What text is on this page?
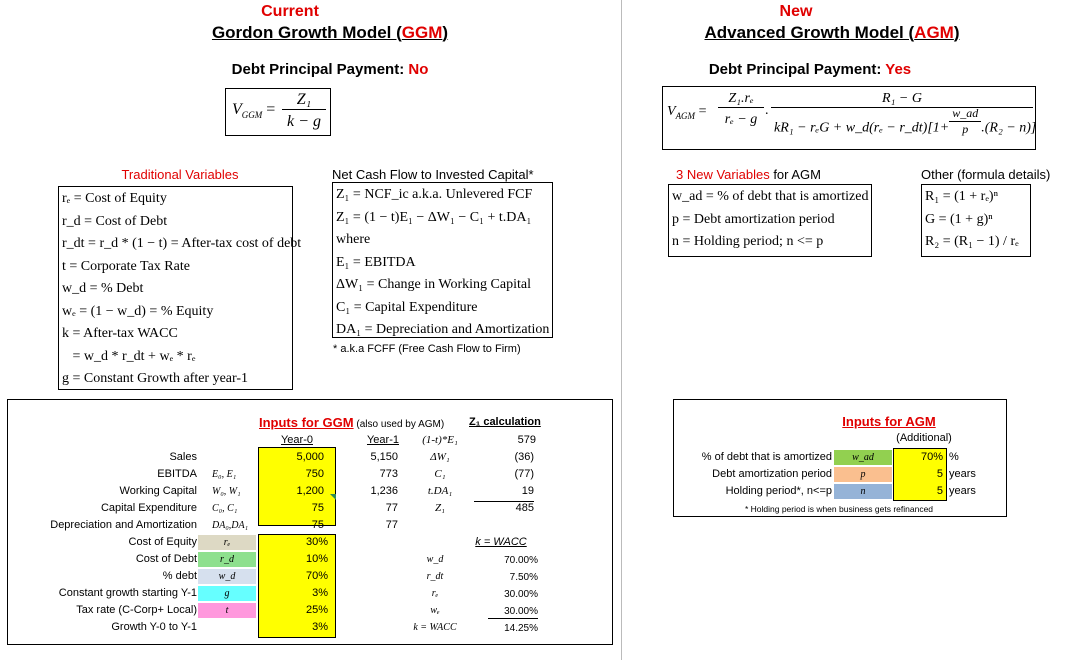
Current
Gordon Growth Model (GGM)
Debt Principal Payment: No
$V_{GGM}$ =
Z₁
k − g
Traditional Variables
rₑ = Cost of Equity
r_d = Cost of Debt
r_dt = r_d * (1 − t) = After-tax cost of debt
t = Corporate Tax Rate
w_d = % Debt
wₑ = (1 − w_d) = % Equity
k = After-tax WACC
= w_d * r_dt + wₑ * rₑ
g = Constant Growth after year-1
Net Cash Flow to Invested Capital*
Z₁ = NCF_ic a.k.a. Unlevered FCF
Z₁ = (1 − t)E₁ − ΔW₁ − C₁ + t.DA₁
where
E₁ = EBITDA
ΔW₁ = Change in Working Capital
C₁ = Capital Expenditure
DA₁ = Depreciation and Amortization
* a.k.a FCFF (Free Cash Flow to Firm)
New
Advanced Growth Model (AGM)
Debt Principal Payment: Yes
$V_{AGM}$ =
Z₁.rₑ
rₑ − g
.
R₁ − G
kR₁ − rₑG + w_d(rₑ − r_dt)[1+ $\frac{w\_ad}{p} .(R_2 - n)$]
3 New Variables for AGM
w_ad = % of debt that is amortized
p = Debt amortization period
n = Holding period; n <= p
Other (formula details)
R₁ = (1 + rₑ)ⁿ
G = (1 + g)ⁿ
R₂ = (R₁ − 1) / rₑ
Inputs for GGM (also used by AGM) Z₁ calculation
Year-0	Year-1	(1-t)*E₁	579
Sales	5,000	5,150	ΔW₁	(36)
EBITDA E₀, E₁	750	773	C₁	(77)
Working Capital W₀, W₁	1,200	1,236	t.DA₁	19
Capital Expenditure C₀, C₁	75	77	Z₁	485
Depreciation and Amortization DA₀,DA₁	75	77
Cost of Equity	rₑ	30%
Cost of Debt	r_d	10%
% debt	w_d	70%
Constant growth starting Y-1	g	3%
Tax rate (C-Corp+ Local)	t	25%
Growth Y-0 to Y-1	3%
w_d	70.00%
r_dt	7.50%
rₑ	30.00%
wₑ	30.00%
k = WACC	14.25%
k = WACC
Inputs for AGM
(Additional)
% of debt that is amortized	w_ad	70% %
Debt amortization period	p	5 years
Holding period*, n<=p	n	5 years
* Holding period is when business gets refinanced
